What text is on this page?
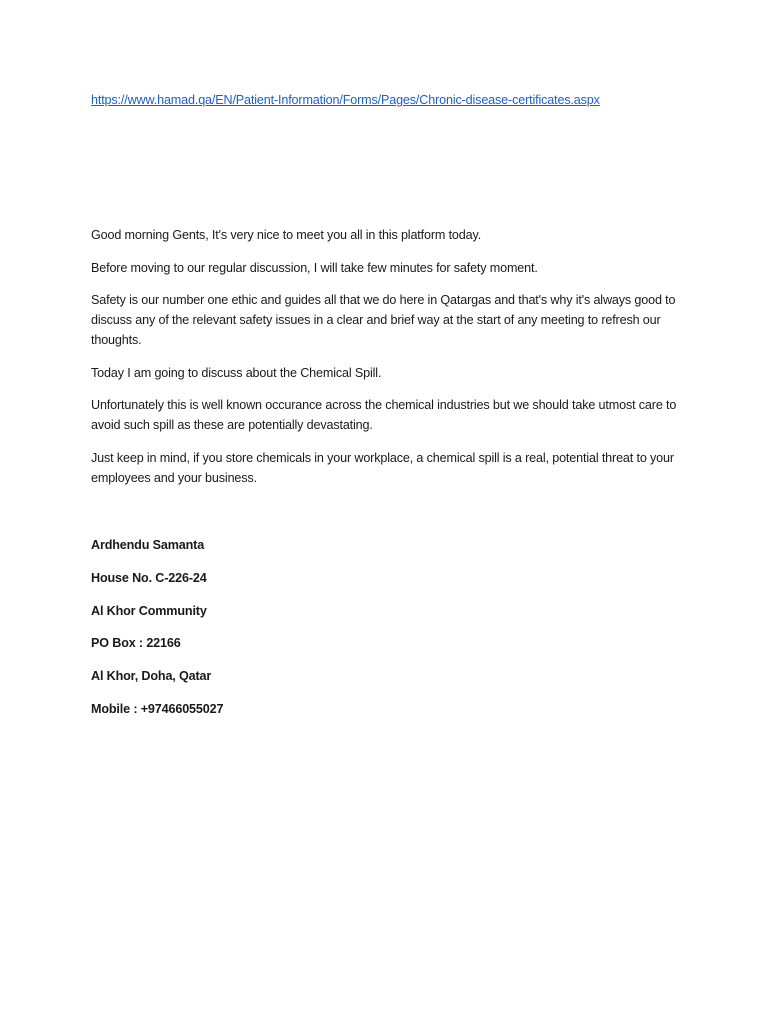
https://www.hamad.qa/EN/Patient-Information/Forms/Pages/Chronic-disease-certificates.aspx

Good morning Gents, It's very nice to meet you all in this platform today.

Before moving to our regular discussion, I will take few minutes for safety moment.

Safety is our number one ethic and guides all that we do here in Qatargas and that's why it's always good to discuss any of the relevant safety issues in a clear and brief way at the start of any meeting to refresh our thoughts.

Today I am going to discuss about the Chemical Spill.

Unfortunately this is well known occurance across the chemical industries but we should take utmost care to avoid such spill as these are potentially devastating.

Just keep in mind, if you store chemicals in your workplace, a chemical spill is a real, potential threat to your employees and your business.

Ardhendu Samanta
House No. C-226-24
Al Khor Community
PO Box : 22166
Al Khor, Doha, Qatar
Mobile : +97466055027
